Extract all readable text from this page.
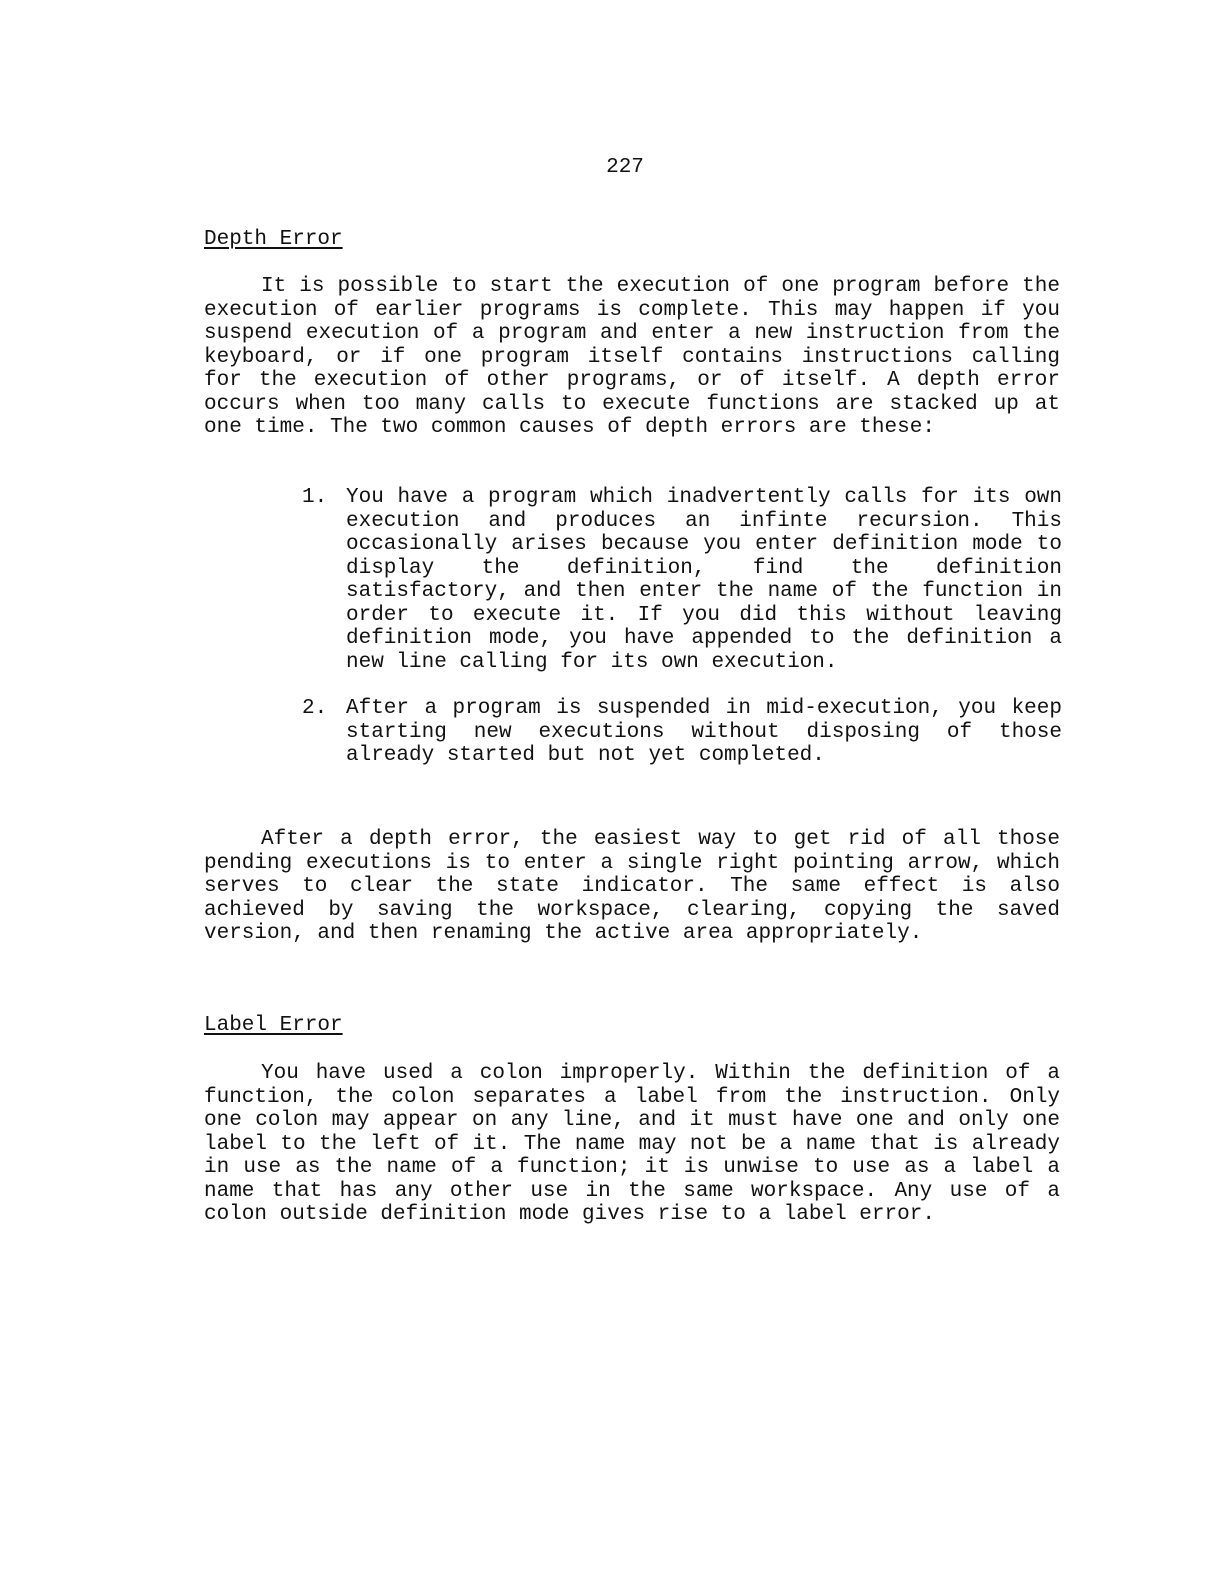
227
Depth Error

It is possible to start the execution of one program before the execution of earlier programs is complete. This may happen if you suspend execution of a program and enter a new instruction from the keyboard, or if one program itself contains instructions calling for the execution of other programs, or of itself. A depth error occurs when too many calls to execute functions are stacked up at one time. The two common causes of depth errors are these:

1. You have a program which inadvertently calls for its own execution and produces an infinte recursion. This occasionally arises because you enter definition mode to display the definition, find the definition satisfactory, and then enter the name of the function in order to execute it. If you did this without leaving definition mode, you have appended to the definition a new line calling for its own execution.
2. After a program is suspended in mid-execution, you keep starting new executions without disposing of those already started but not yet completed.

After a depth error, the easiest way to get rid of all those pending executions is to enter a single right pointing arrow, which serves to clear the state indicator. The same effect is also achieved by saving the workspace, clearing, copying the saved version, and then renaming the active area appropriately.

Label Error

You have used a colon improperly. Within the definition of a function, the colon separates a label from the instruction. Only one colon may appear on any line, and it must have one and only one label to the left of it. The name may not be a name that is already in use as the name of a function; it is unwise to use as a label a name that has any other use in the same workspace. Any use of a colon outside definition mode gives rise to a label error.
